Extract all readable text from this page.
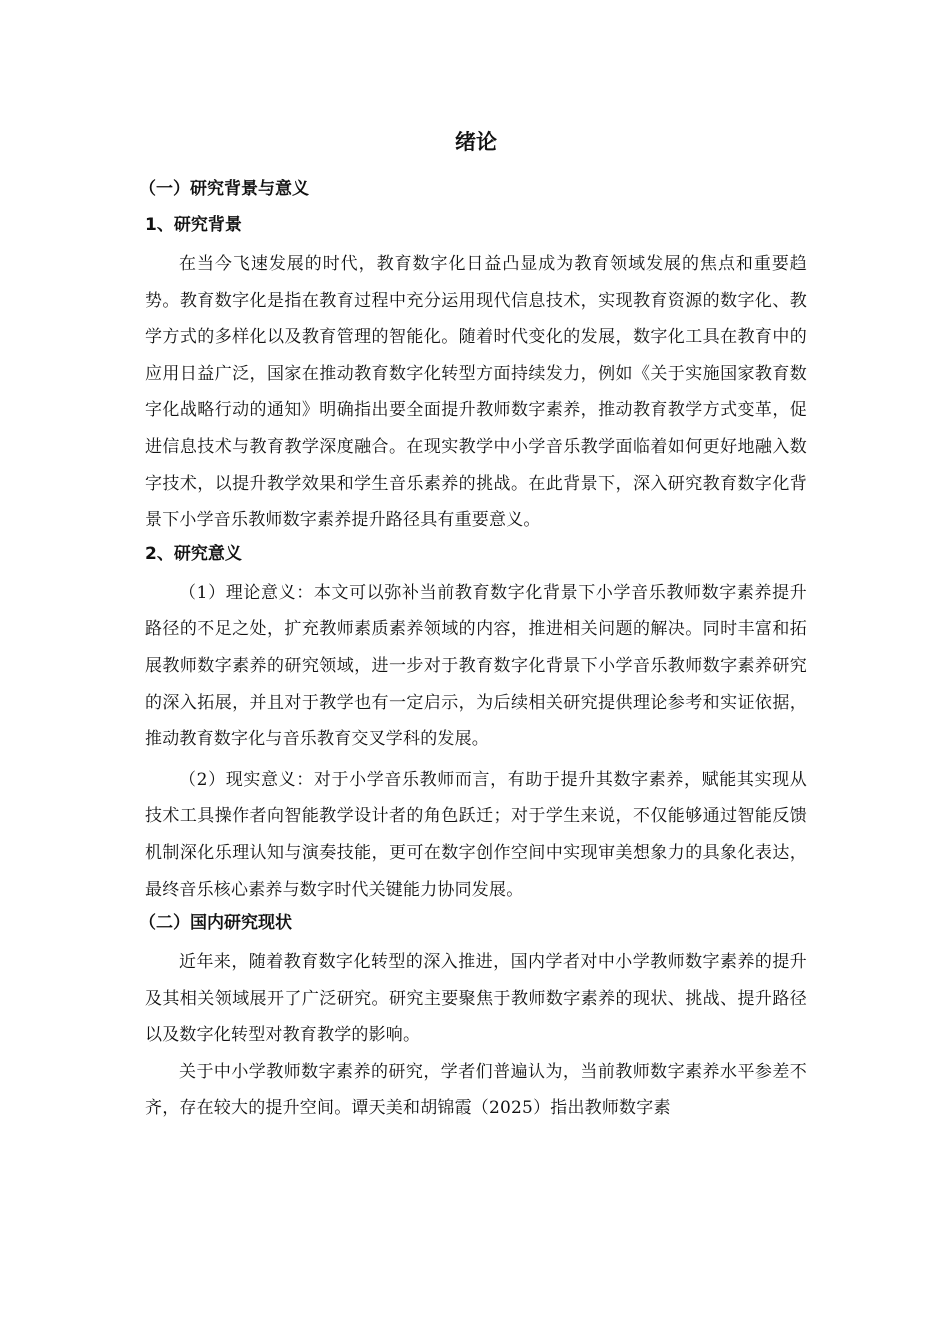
绪论
（一）研究背景与意义
1、研究背景

在当今飞速发展的时代，教育数字化日益凸显成为教育领域发展的焦点和重要趋势。教育数字化是指在教育过程中充分运用现代信息技术，实现教育资源的数字化、教学方式的多样化以及教育管理的智能化。随着时代变化的发展，数字化工具在教育中的应用日益广泛，国家在推动教育数字化转型方面持续发力，例如《关于实施国家教育数字化战略行动的通知》明确指出要全面提升教师数字素养，推动教育教学方式变革，促进信息技术与教育教学深度融合。在现实教学中小学音乐教学面临着如何更好地融入数字技术，以提升教学效果和学生音乐素养的挑战。在此背景下，深入研究教育数字化背景下小学音乐教师数字素养提升路径具有重要意义。

2、研究意义

（1）理论意义：本文可以弥补当前教育数字化背景下小学音乐教师数字素养提升路径的不足之处，扩充教师素质素养领域的内容，推进相关问题的解决。同时丰富和拓展教师数字素养的研究领域，进一步对于教育数字化背景下小学音乐教师数字素养研究的深入拓展，并且对于教学也有一定启示，为后续相关研究提供理论参考和实证依据，推动教育数字化与音乐教育交叉学科的发展。

（2）现实意义：对于小学音乐教师而言，有助于提升其数字素养，赋能其实现从技术工具操作者向智能教学设计者的角色跃迁；对于学生来说，不仅能够通过智能反馈机制深化乐理认知与演奏技能，更可在数字创作空间中实现审美想象力的具象化表达，最终音乐核心素养与数字时代关键能力协同发展。

（二）国内研究现状

近年来，随着教育数字化转型的深入推进，国内学者对中小学教师数字素养的提升及其相关领域展开了广泛研究。研究主要聚焦于教师数字素养的现状、挑战、提升路径以及数字化转型对教育教学的影响。

关于中小学教师数字素养的研究，学者们普遍认为，当前教师数字素养水平参差不齐，存在较大的提升空间。谭天美和胡锦霞（2025）指出教师数字素
